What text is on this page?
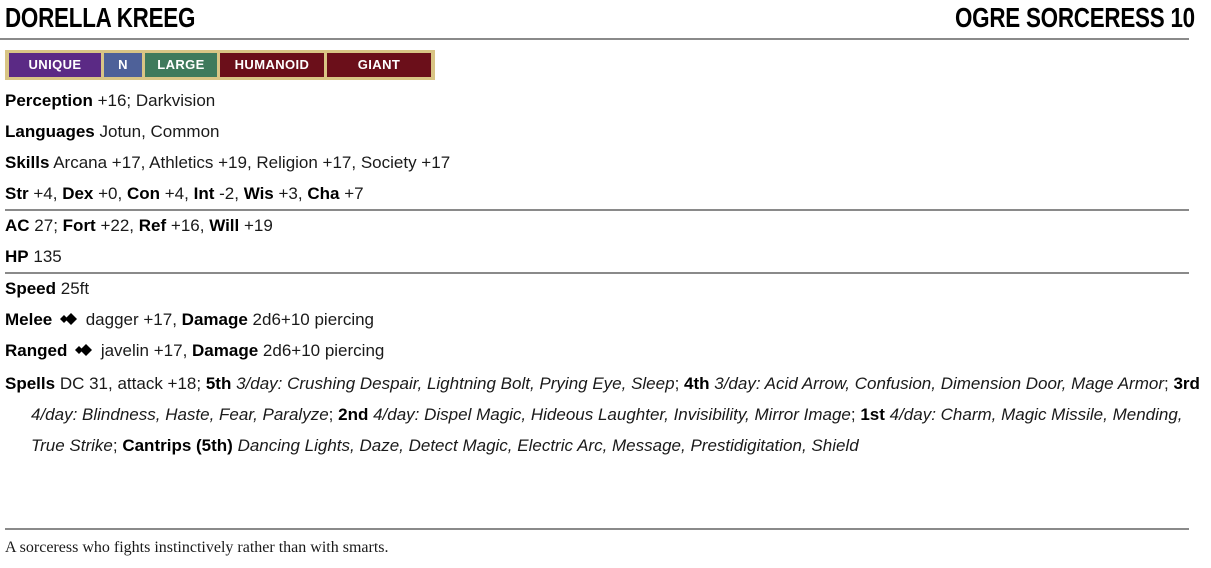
DORELLA KREEG	OGRE SORCERESS 10
UNIQUE	N	LARGE	HUMANOID	GIANT
Perception +16; Darkvision
Languages Jotun, Common
Skills Arcana +17, Athletics +19, Religion +17, Society +17
Str +4, Dex +0, Con +4, Int -2, Wis +3, Cha +7
AC 27; Fort +22, Ref +16, Will +19
HP 135
Speed 25ft
Melee dagger +17, Damage 2d6+10 piercing
Ranged javelin +17, Damage 2d6+10 piercing
Spells DC 31, attack +18; 5th 3/day: Crushing Despair, Lightning Bolt, Prying Eye, Sleep; 4th 3/day: Acid Arrow, Confusion, Dimension Door, Mage Armor; 3rd 4/day: Blindness, Haste, Fear, Paralyze; 2nd 4/day: Dispel Magic, Hideous Laughter, Invisibility, Mirror Image; 1st 4/day: Charm, Magic Missile, Mending, True Strike; Cantrips (5th) Dancing Lights, Daze, Detect Magic, Electric Arc, Message, Prestidigitation, Shield
A sorceress who fights instinctively rather than with smarts.
